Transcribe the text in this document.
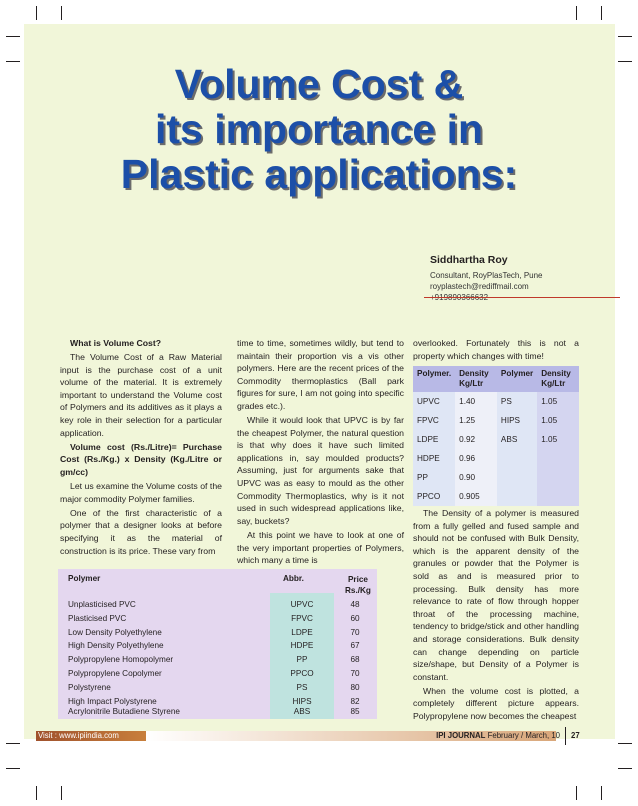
Volume Cost &
its importance in
Plastic applications:
Siddhartha Roy
Consultant, RoyPlasTech, Pune
royplastech@rediffmail.com

What is Volume Cost?

The Volume Cost of a Raw Material input is the purchase cost of a unit volume of the material. It is extremely important to understand the Volume cost of Polymers and its additives as it plays a key role in their selection for a particular application.

Volume cost (Rs./Litre)= Purchase Cost (Rs./Kg.) x Density (Kg./Litre or gm/cc)

Let us examine the Volume costs of the major commodity Polymer families.

One of the first characteristic of a polymer that a designer looks at before specifying it as the material of construction is its price. These vary from

time to time, sometimes wildly, but tend to maintain their proportion vis a vis other polymers. Here are the recent prices of the Commodity thermoplastics (Ball park figures for sure, I am not going into specific grades etc.).

While it would look that UPVC is by far the cheapest Polymer, the natural question is that why does it have such limited applications in, say moulded products? Assuming, just for arguments sake that UPVC was as easy to mould as the other Commodity Thermoplastics, why is it not used in such widespread applications like, say, buckets?

At this point we have to look at one of the very important properties of Polymers, which many a time is

overlooked. Fortunately this is not a property which changes with time!

Polymer.	Density Kg/Ltr	Polymer	Density Kg/Ltr
UPVC	1.40	PS	1.05
FPVC	1.25	HIPS	1.05
LDPE	0.92	ABS	1.05
HDPE	0.96		
PP	0.90		
PPCO	0.905		

The Density of a polymer is measured from a fully gelled and fused sample and should not be confused with Bulk Density, which is the apparent density of the granules or powder that the Polymer is sold as and is measured prior to processing. Bulk density has more relevance to rate of flow through hopper throat of the processing machine, tendency to bridge/stick and other handling and storage considerations. Bulk density can change depending on particle size/shape, but Density of a Polymer is constant.

When the volume cost is plotted, a completely different picture appears. Polypropylene now becomes the cheapest

Polymer	Abbr.	Price
Rs./Kg
Unplasticised PVC	UPVC	48
Plasticised PVC	FPVC	60
Low Density Polyethylene	LDPE	70
High Density Polyethylene	HDPE	67
Polypropylene Homopolymer	PP	68
Polypropylene Copolymer	PPCO	70
Polystyrene	PS	80
High Impact Polystyrene	HIPS	82
Acrylonitrile Butadiene Styrene	ABS	85
Visit : www.ipiindia.com	IPI JOURNAL February / March, 10 27
